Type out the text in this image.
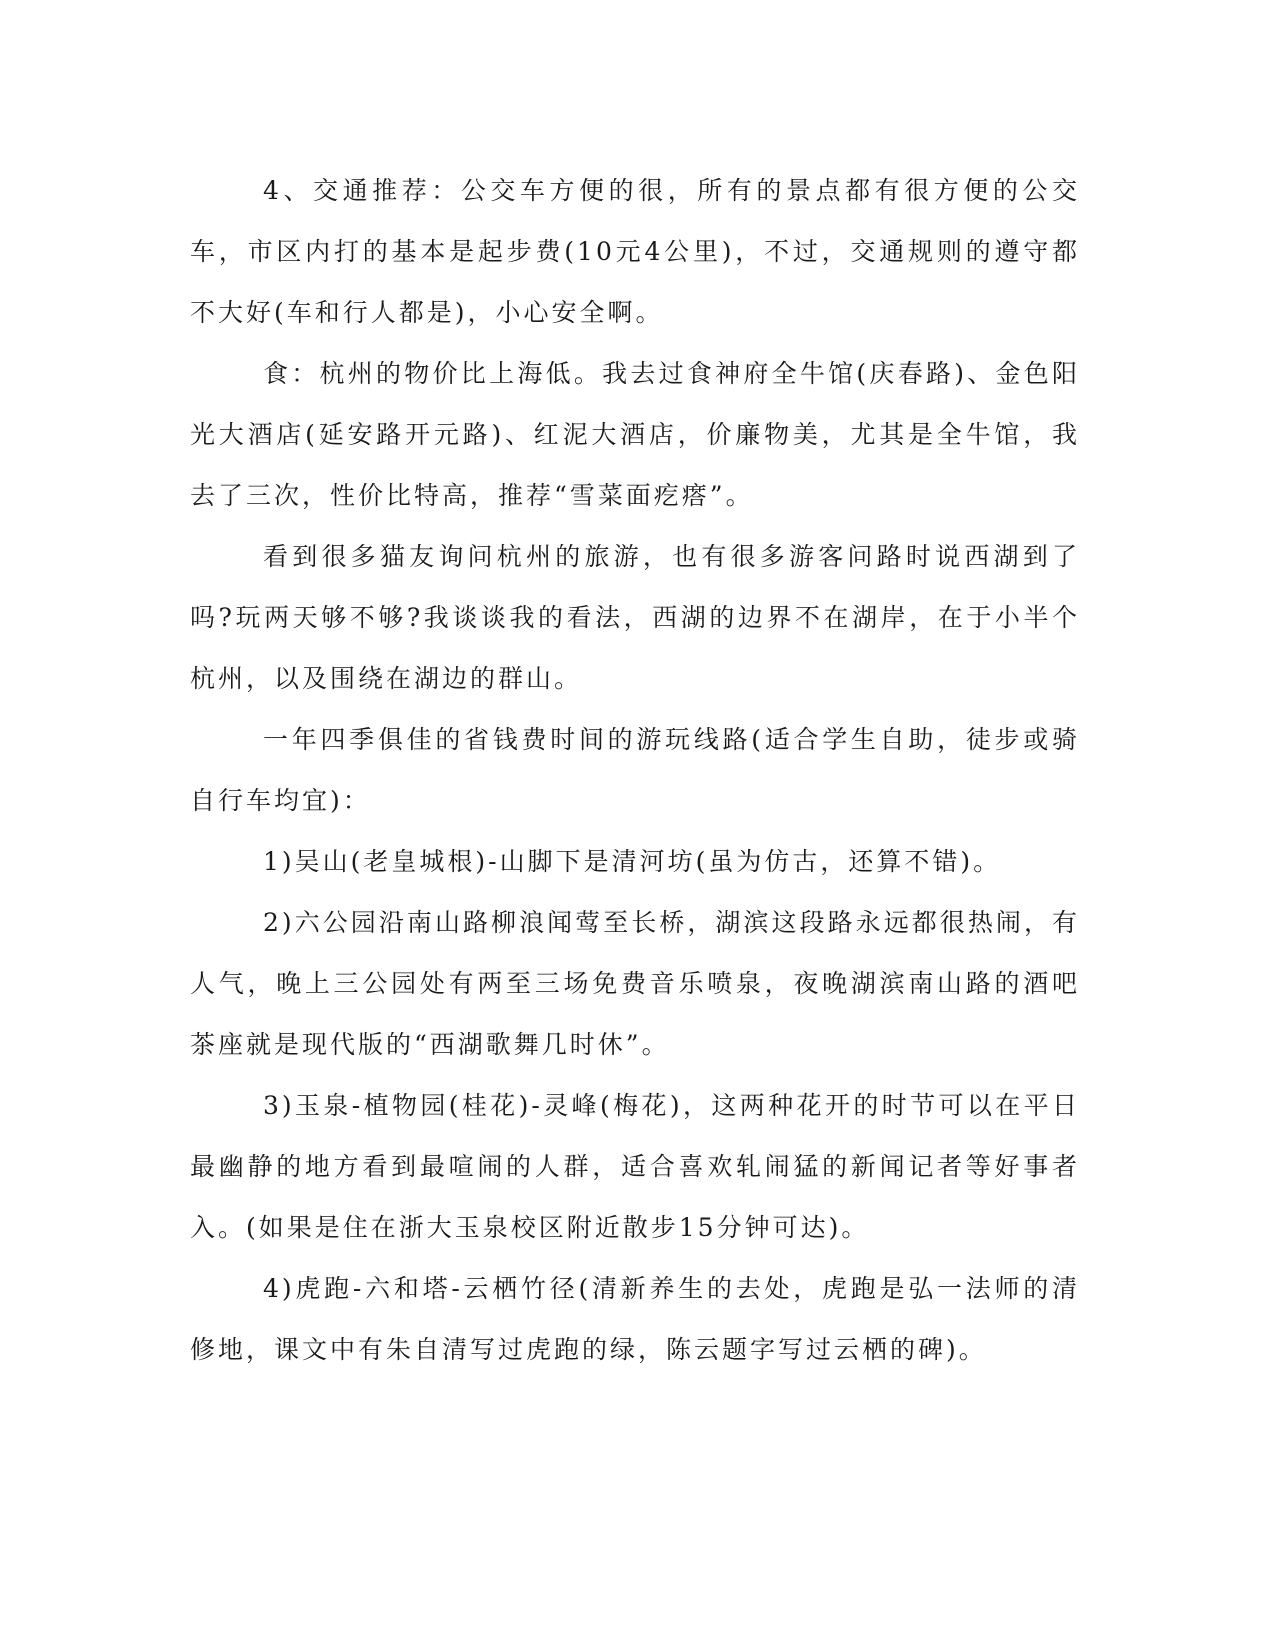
4、交通推荐：公交车方便的很，所有的景点都有很方便的公交车，市区内打的基本是起步费(10元4公里)，不过，交通规则的遵守都不大好(车和行人都是)，小心安全啊。

食：杭州的物价比上海低。我去过食神府全牛馆(庆春路)、金色阳光大酒店(延安路开元路)、红泥大酒店，价廉物美，尤其是全牛馆，我去了三次，性价比特高，推荐“雪菜面疙瘩”。

看到很多猫友询问杭州的旅游，也有很多游客问路时说西湖到了吗?玩两天够不够?我谈谈我的看法，西湖的边界不在湖岸，在于小半个杭州，以及围绕在湖边的群山。

一年四季俱佳的省钱费时间的游玩线路(适合学生自助，徒步或骑自行车均宜)：

1)吴山(老皇城根)-山脚下是清河坊(虽为仿古，还算不错)。

2)六公园沿南山路柳浪闻莺至长桥，湖滨这段路永远都很热闹，有人气，晚上三公园处有两至三场免费音乐喷泉，夜晚湖滨南山路的酒吧茶座就是现代版的“西湖歌舞几时休”。

3)玉泉-植物园(桂花)-灵峰(梅花)，这两种花开的时节可以在平日最幽静的地方看到最喧闹的人群，适合喜欢轧闹猛的新闻记者等好事者入。(如果是住在浙大玉泉校区附近散步15分钟可达)。

4)虎跑-六和塔-云栖竹径(清新养生的去处，虎跑是弘一法师的清修地，课文中有朱自清写过虎跑的绿，陈云题字写过云栖的碑)。
